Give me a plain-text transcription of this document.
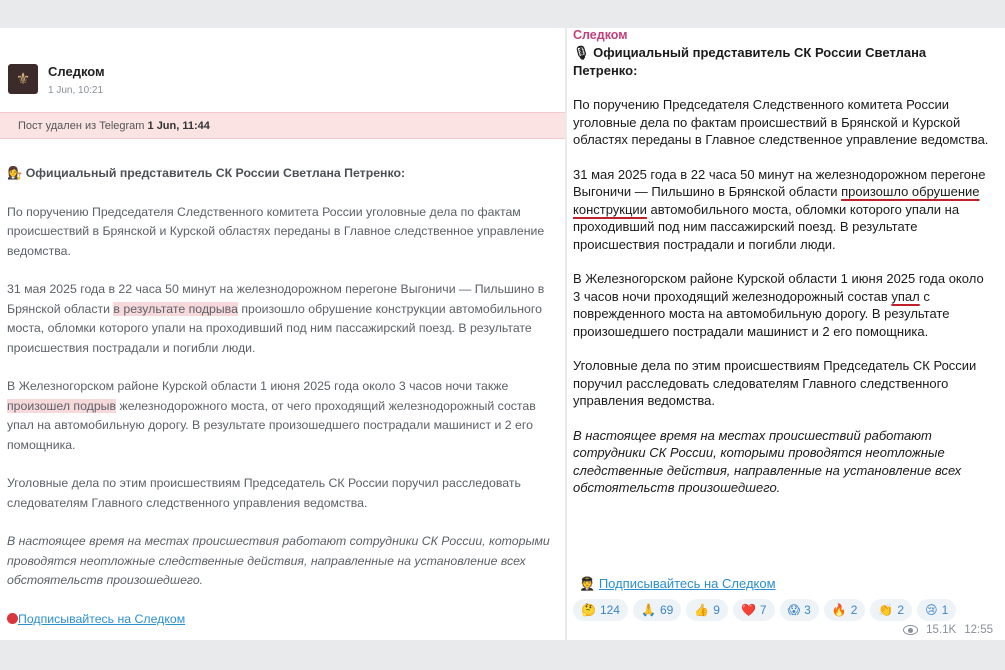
⚜	Следком
1 Jun, 10:21
Пост удален из Telegram 1 Jun, 11:44

👩‍⚖️ Официальный представитель СК России Светлана Петренко:

По поручению Председателя Следственного комитета России уголовные дела по фактам происшествий в Брянской и Курской областях переданы в Главное следственное управление ведомства.

31 мая 2025 года в 22 часа 50 минут на железнодорожном перегоне Выгоничи — Пильшино в Брянской области в результате подрыва произошло обрушение конструкции автомобильного моста, обломки которого упали на проходивший под ним пассажирский поезд. В результате происшествия пострадали и погибли люди.

В Железногорском районе Курской области 1 июня 2025 года около 3 часов ночи также произошел подрыв железнодорожного моста, от чего проходящий железнодорожный состав упал на автомобильную дорогу. В результате произошедшего пострадали машинист и 2 его помощника.

Уголовные дела по этим происшествиям Председатель СК России поручил расследовать следователям Главного следственного управления ведомства.

В настоящее время на местах происшествия работают сотрудники СК России, которыми проводятся неотложные следственные действия, направленные на установление всех обстоятельств произошедшего.

Подписывайтесь на Следком

Следком

🎙 Официальный представитель СК России Светлана Петренко:

По поручению Председателя Следственного комитета России уголовные дела по фактам происшествий в Брянской и Курской областях переданы в Главное следственное управление ведомства.

31 мая 2025 года в 22 часа 50 минут на железнодорожном перегоне Выгоничи — Пильшино в Брянской области произошло обрушение конструкции автомобильного моста, обломки которого упали на проходивший под ним пассажирский поезд. В результате происшествия пострадали и погибли люди.

В Железногорском районе Курской области 1 июня 2025 года около 3 часов ночи проходящий железнодорожный состав упал с поврежденного моста на автомобильную дорогу. В результате произошедшего пострадали машинист и 2 его помощника.

Уголовные дела по этим происшествиям Председатель СК России поручил расследовать следователям Главного следственного управления ведомства.

В настоящее время на местах происшествий работают сотрудники СК России, которыми проводятся неотложные следственные действия, направленные на установление всех обстоятельств произошедшего.

🧑‍✈️ Подписывайтесь на Следком
🤔 124 🙏 69 👍 9 ❤️ 7 😱 3 🔥 2 👏 2 😢 1
15.1K 12:55
